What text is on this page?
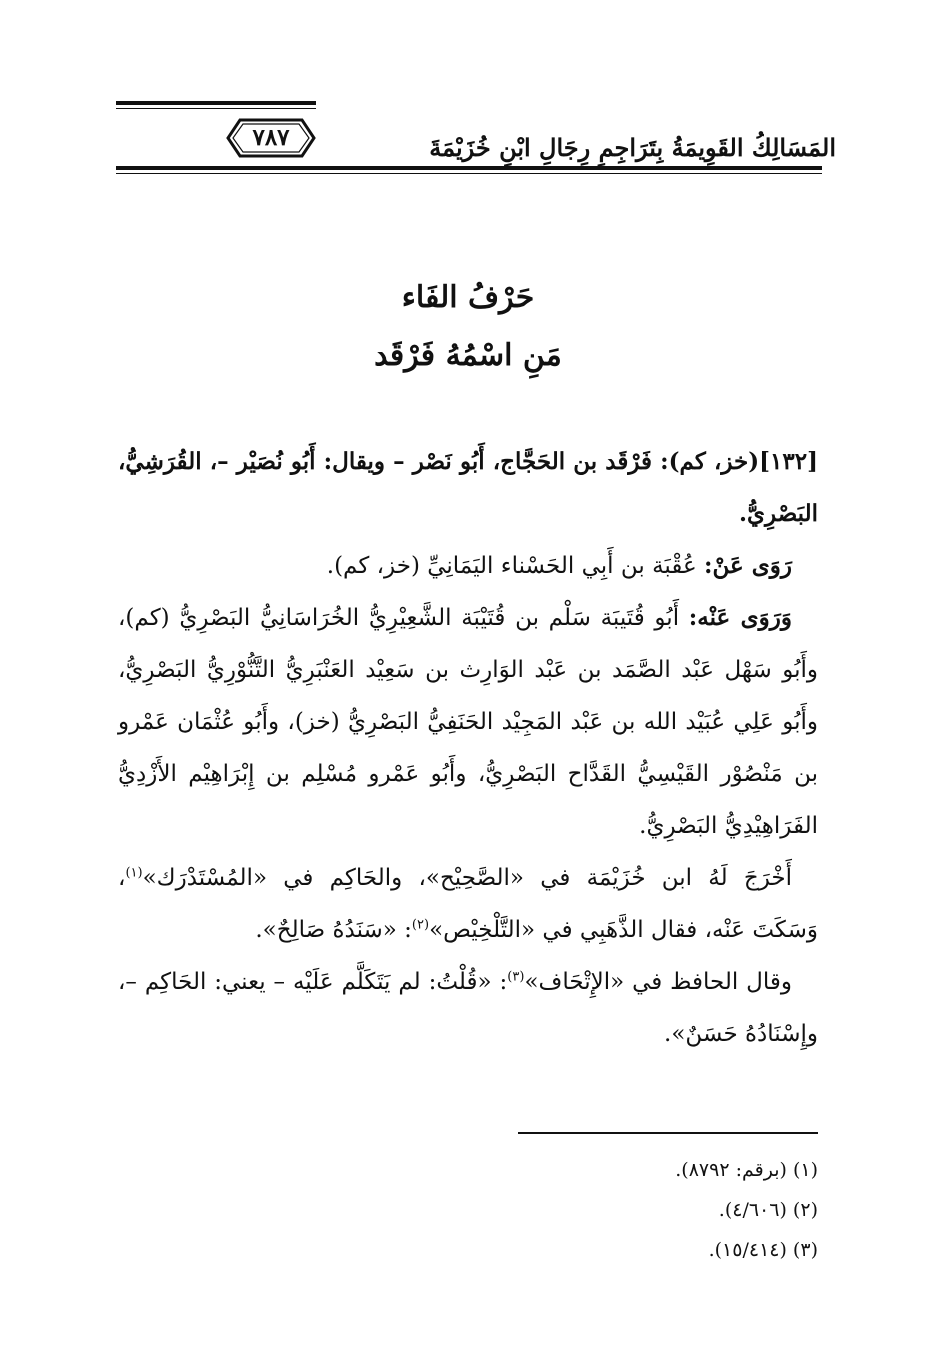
المَسَالِكُ القَوِيمَةُ بِتَرَاجِمِ رِجَالِ ابْنِ خُزَيْمَةَ
٧٨٧
حَرْفُ الفَاء
مَنِ اسْمُهُ فَرْقَد

[١٣٢](خز، كم): فَرْقَد بن الحَجَّاج، أَبُو نَصْر – ويقال: أَبُو نُصَيْر –، القُرَشِيُّ، البَصْرِيُّ.

رَوَى عَنْ: عُقْبَة بن أَبِي الحَسْناء اليَمَانِيِّ (خز، كم).

وَرَوَى عَنْه: أَبُو قُتَيبَة سَلْم بن قُتَيْبَة الشَّعِيْرِيُّ الخُرَاسَانِيُّ البَصْرِيُّ (كم)، وأَبُو سَهْل عَبْد الصَّمَد بن عَبْد الوَارِث بن سَعِيْد العَنْبَرِيُّ التَّنُّوْرِيُّ البَصْرِيُّ، وأَبُو عَلِي عُبَيْد الله بن عَبْد المَجِيْد الحَنَفِيُّ البَصْرِيُّ (خز)، وأَبُو عُثْمَان عَمْرو بن مَنْصُوْر القَيْسِيُّ القَدَّاح البَصْرِيُّ، وأَبُو عَمْرو مُسْلِم بن إِبْرَاهِيْم الأَزْدِيُّ الفَرَاهِيْدِيُّ البَصْرِيُّ.

أَخْرَجَ لَهُ ابن خُزَيْمَة في «الصَّحِيْح»، والحَاكِم في «المُسْتَدْرَك»$^{(١)}$، وَسَكَتَ عَنْه، فقال الذَّهَبِي في «التَّلْخِيْص»$^{(٢)}$: «سَنَدُهُ صَالِحٌ».

وقال الحافظ في «الإِتْحَاف»$^{(٣)}$: «قُلْتُ: لم يَتَكَلَّم عَلَيْه – يعني: الحَاكِم –، وإِسْنَادُهُ حَسَنٌ».

(١) (برقم: ٨٧٩٢).

(٢) (٤/٦٠٦).

(٣) (١٥/٤١٤).
